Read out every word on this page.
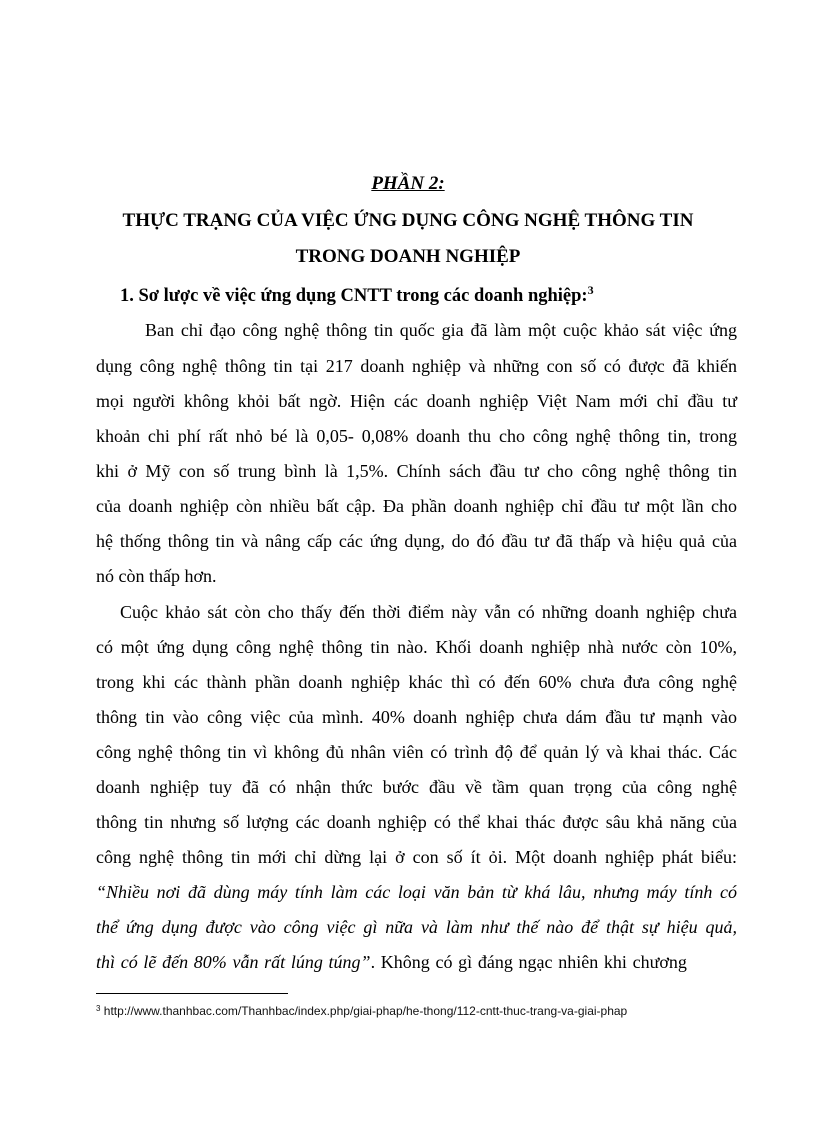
PHẦN 2:
THỰC TRẠNG CỦA VIỆC ỨNG DỤNG CÔNG NGHỆ THÔNG TIN
TRONG DOANH NGHIỆP
1. Sơ lược về việc ứng dụng CNTT trong các doanh nghiệp:$^3$
Ban chỉ đạo công nghệ thông tin quốc gia đã làm một cuộc khảo sát việc ứng
dụng công nghệ thông tin tại 217 doanh nghiệp và những con số có được đã khiến
mọi người không khỏi bất ngờ. Hiện các doanh nghiệp Việt Nam mới chỉ đầu tư
khoản chi phí rất nhỏ bé là 0,05- 0,08% doanh thu cho công nghệ thông tin, trong
khi ở Mỹ con số trung bình là 1,5%. Chính sách đầu tư cho công nghệ thông tin
của doanh nghiệp còn nhiều bất cập. Đa phần doanh nghiệp chỉ đầu tư một lần cho
hệ thống thông tin và nâng cấp các ứng dụng, do đó đầu tư đã thấp và hiệu quả của
nó còn thấp hơn.
Cuộc khảo sát còn cho thấy đến thời điểm này vẫn có những doanh nghiệp chưa
có một ứng dụng công nghệ thông tin nào. Khối doanh nghiệp nhà nước còn 10%,
trong khi các thành phần doanh nghiệp khác thì có đến 60% chưa đưa công nghệ
thông tin vào công việc của mình. 40% doanh nghiệp chưa dám đầu tư mạnh vào
công nghệ thông tin vì không đủ nhân viên có trình độ để quản lý và khai thác. Các
doanh nghiệp tuy đã có nhận thức bước đầu về tầm quan trọng của công nghệ
thông tin nhưng số lượng các doanh nghiệp có thể khai thác được sâu khả năng của
công nghệ thông tin mới chỉ dừng lại ở con số ít ỏi. Một doanh nghiệp phát biểu:
“Nhiều nơi đã dùng máy tính làm các loại văn bản từ khá lâu, nhưng máy tính có
thể ứng dụng được vào công việc gì nữa và làm như thế nào để thật sự hiệu quả,
thì có lẽ đến 80% vẫn rất lúng túng”. Không có gì đáng ngạc nhiên khi chương
$^3$ http://www.thanhbac.com/Thanhbac/index.php/giai-phap/he-thong/112-cntt-thuc-trang-va-giai-phap
